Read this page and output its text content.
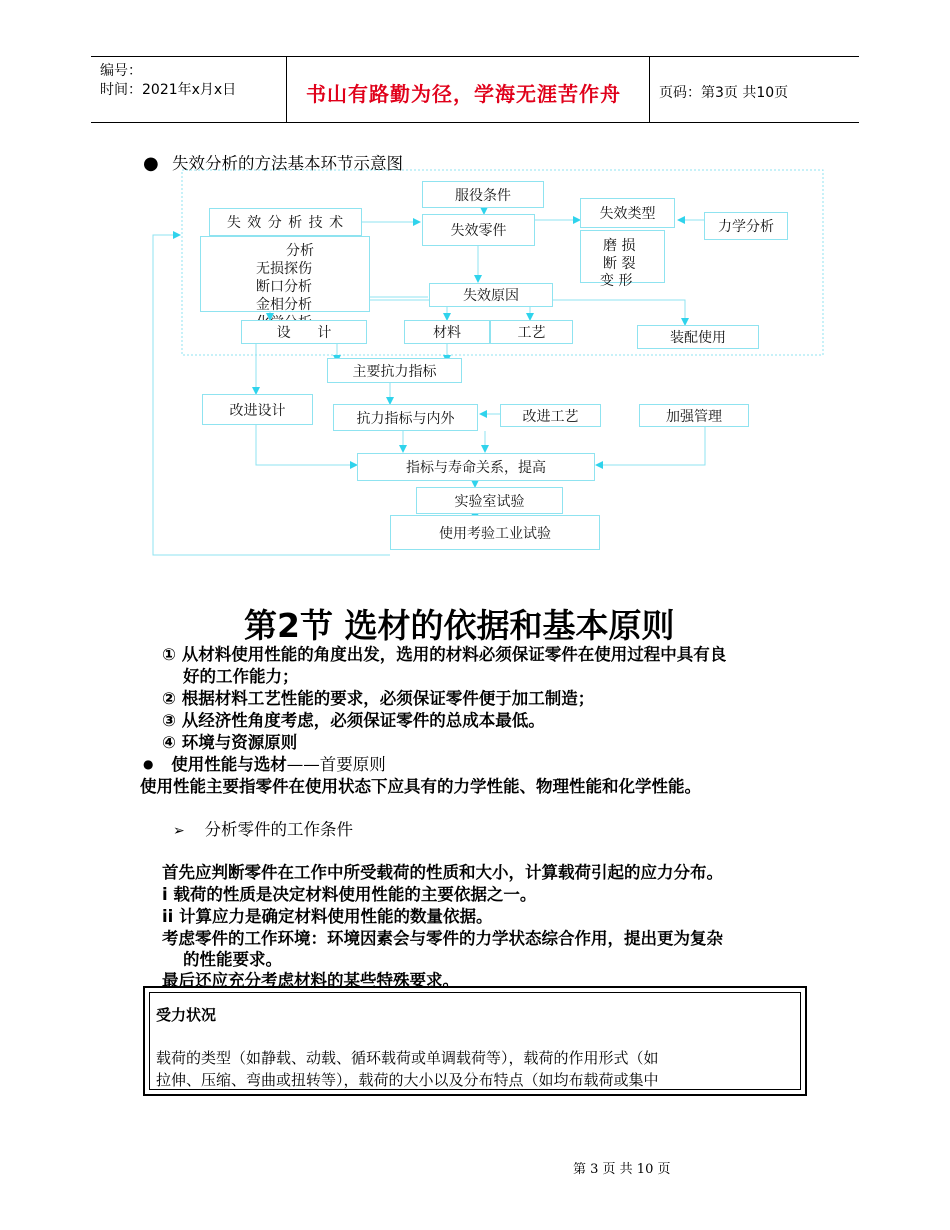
编号：
时间：2021年x月x日	书山有路勤为径，学海无涯苦作舟	页码：第3页 共10页
● 失效分析的方法基本环节示意图
服役条件
失 效 分 析 技 术
分析
无损探伤
断口分析
金相分析
失效零件
失效类型
磨 损
断 裂
变 形
力学分析
失效原因
设      计	材料	工艺	装配使用
主要抗力指标
改进设计	抗力指标与内外	改进工艺	加强管理
指标与寿命关系，提高
实验室试验
使用考验工业试验
第2节 选材的依据和基本原则
① 从材料使用性能的角度出发，选用的材料必须保证零件在使用过程中具有良
好的工作能力；
② 根据材料工艺性能的要求，必须保证零件便于加工制造；
③ 从经济性角度考虑，必须保证零件的总成本最低。
④ 环境与资源原则
● 使用性能与选材——首要原则
使用性能主要指零件在使用状态下应具有的力学性能、物理性能和化学性能。
➢ 分析零件的工作条件
首先应判断零件在工作中所受载荷的性质和大小，计算载荷引起的应力分布。
i 载荷的性质是决定材料使用性能的主要依据之一。
ii 计算应力是确定材料使用性能的数量依据。
考虑零件的工作环境：环境因素会与零件的力学状态综合作用，提出更为复杂
的性能要求。
最后还应充分考虑材料的某些特殊要求。
受力状况
载荷的类型（如静载、动载、循环载荷或单调载荷等），载荷的作用形式（如
拉伸、压缩、弯曲或扭转等），载荷的大小以及分布特点（如均布载荷或集中
第 3 页 共 10 页
